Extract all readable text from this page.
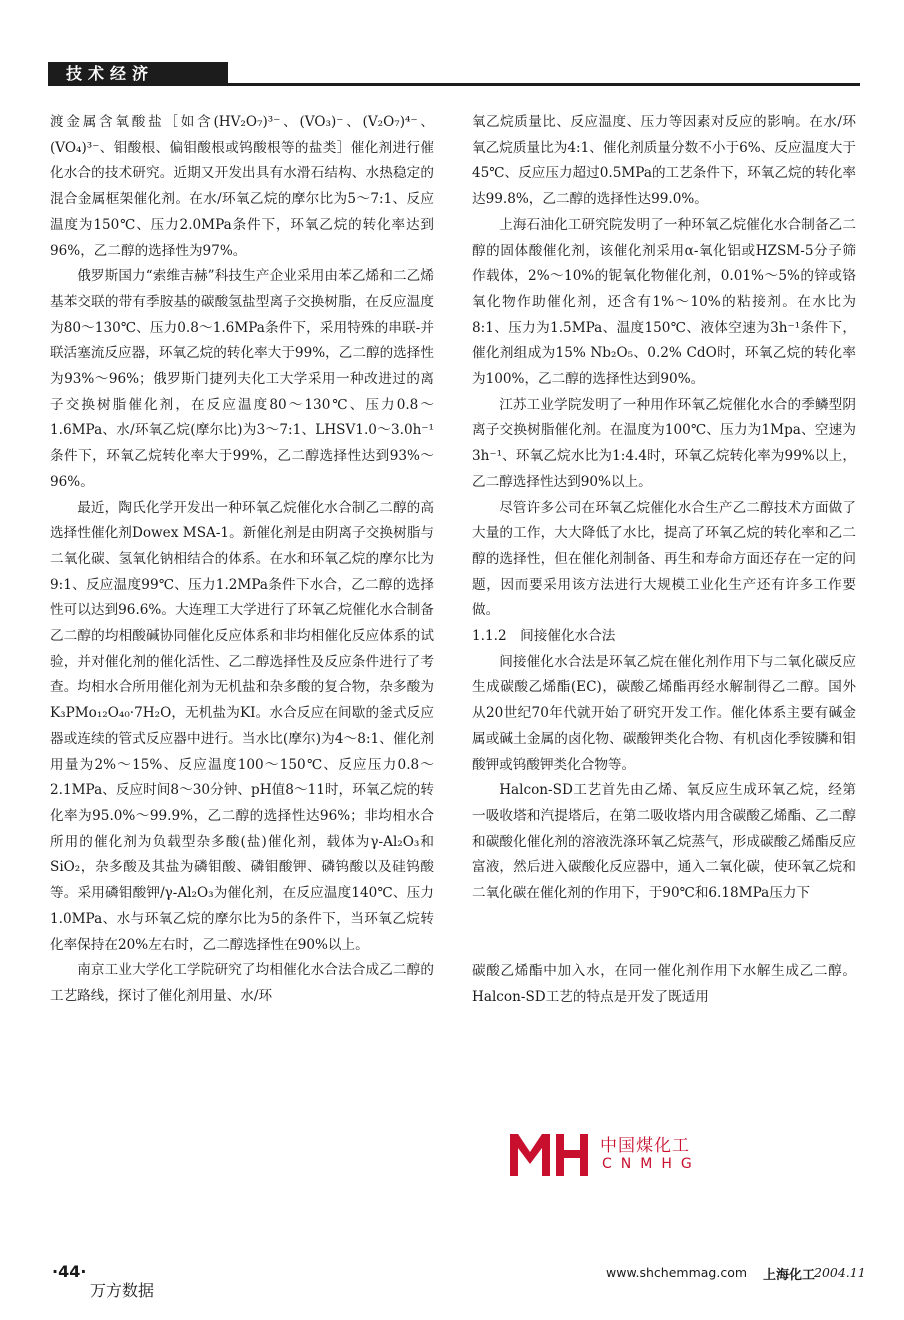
技术经济

渡金属含氧酸盐［如含(HV₂O₇)³⁻、(VO₃)⁻、(V₂O₇)⁴⁻、(VO₄)³⁻、钼酸根、偏钼酸根或钨酸根等的盐类］催化剂进行催化水合的技术研究。近期又开发出具有水滑石结构、水热稳定的混合金属框架催化剂。在水/环氧乙烷的摩尔比为5～7:1、反应温度为150℃、压力2.0MPa条件下，环氧乙烷的转化率达到96%，乙二醇的选择性为97%。

俄罗斯国力“索维吉赫”科技生产企业采用由苯乙烯和二乙烯基苯交联的带有季胺基的碳酸氢盐型离子交换树脂，在反应温度为80～130℃、压力0.8～1.6MPa条件下，采用特殊的串联-并联活塞流反应器，环氧乙烷的转化率大于99%，乙二醇的选择性为93%～96%；俄罗斯门捷列夫化工大学采用一种改进过的离子交换树脂催化剂，在反应温度80～130℃、压力0.8～1.6MPa、水/环氧乙烷(摩尔比)为3～7:1、LHSV1.0～3.0h⁻¹条件下，环氧乙烷转化率大于99%，乙二醇选择性达到93%～96%。

最近，陶氏化学开发出一种环氧乙烷催化水合制乙二醇的高选择性催化剂Dowex MSA-1。新催化剂是由阴离子交换树脂与二氧化碳、氢氧化钠相结合的体系。在水和环氧乙烷的摩尔比为9:1、反应温度99℃、压力1.2MPa条件下水合，乙二醇的选择性可以达到96.6%。大连理工大学进行了环氧乙烷催化水合制备乙二醇的均相酸碱协同催化反应体系和非均相催化反应体系的试验，并对催化剂的催化活性、乙二醇选择性及反应条件进行了考查。均相水合所用催化剂为无机盐和杂多酸的复合物，杂多酸为K₃PMo₁₂O₄₀·7H₂O，无机盐为KI。水合反应在间歇的釜式反应器或连续的管式反应器中进行。当水比(摩尔)为4～8:1、催化剂用量为2%～15%、反应温度100～150℃、反应压力0.8～2.1MPa、反应时间8～30分钟、pH值8～11时，环氧乙烷的转化率为95.0%～99.9%，乙二醇的选择性达96%；非均相水合所用的催化剂为负载型杂多酸(盐)催化剂，载体为γ-Al₂O₃和SiO₂，杂多酸及其盐为磷钼酸、磷钼酸钾、磷钨酸以及硅钨酸等。采用磷钼酸钾/γ-Al₂O₃为催化剂，在反应温度140℃、压力1.0MPa、水与环氧乙烷的摩尔比为5的条件下，当环氧乙烷转化率保持在20%左右时，乙二醇选择性在90%以上。

南京工业大学化工学院研究了均相催化水合法合成乙二醇的工艺路线，探讨了催化剂用量、水/环

氧乙烷质量比、反应温度、压力等因素对反应的影响。在水/环氧乙烷质量比为4:1、催化剂质量分数不小于6%、反应温度大于45℃、反应压力超过0.5MPa的工艺条件下，环氧乙烷的转化率达99.8%，乙二醇的选择性达99.0%。

上海石油化工研究院发明了一种环氧乙烷催化水合制备乙二醇的固体酸催化剂，该催化剂采用α-氧化铝或HZSM-5分子筛作载体，2%～10%的铌氧化物催化剂，0.01%～5%的锌或铬氧化物作助催化剂，还含有1%～10%的粘接剂。在水比为8:1、压力为1.5MPa、温度150℃、液体空速为3h⁻¹条件下，催化剂组成为15% Nb₂O₅、0.2% CdO时，环氧乙烷的转化率为100%，乙二醇的选择性达到90%。

江苏工业学院发明了一种用作环氧乙烷催化水合的季鳞型阴离子交换树脂催化剂。在温度为100℃、压力为1Mpa、空速为3h⁻¹、环氧乙烷水比为1:4.4时，环氧乙烷转化率为99%以上，乙二醇选择性达到90%以上。

尽管许多公司在环氧乙烷催化水合生产乙二醇技术方面做了大量的工作，大大降低了水比，提高了环氧乙烷的转化率和乙二醇的选择性，但在催化剂制备、再生和寿命方面还存在一定的问题，因而要采用该方法进行大规模工业化生产还有许多工作要做。

1.1.2　间接催化水合法

间接催化水合法是环氧乙烷在催化剂作用下与二氧化碳反应生成碳酸乙烯酯(EC)，碳酸乙烯酯再经水解制得乙二醇。国外从20世纪70年代就开始了研究开发工作。催化体系主要有碱金属或碱土金属的卤化物、碳酸钾类化合物、有机卤化季铵膦和钼酸钾或钨酸钾类化合物等。

Halcon-SD工艺首先由乙烯、氧反应生成环氧乙烷，经第一吸收塔和汽提塔后，在第二吸收塔内用含碳酸乙烯酯、乙二醇和碳酸化催化剂的溶液洗涤环氧乙烷蒸气，形成碳酸乙烯酯反应富液，然后进入碳酸化反应器中，通入二氧化碳，使环氧乙烷和二氧化碳在催化剂的作用下，于90℃和6.18MPa压力下

碳酸乙烯酯中加入水，在同一催化剂作用下水解生成乙二醇。Halcon-SD工艺的特点是开发了既适用

中国煤化工
CNMHG
·44·
万方数据
www.shchemmag.com 上海化工
2004.11
